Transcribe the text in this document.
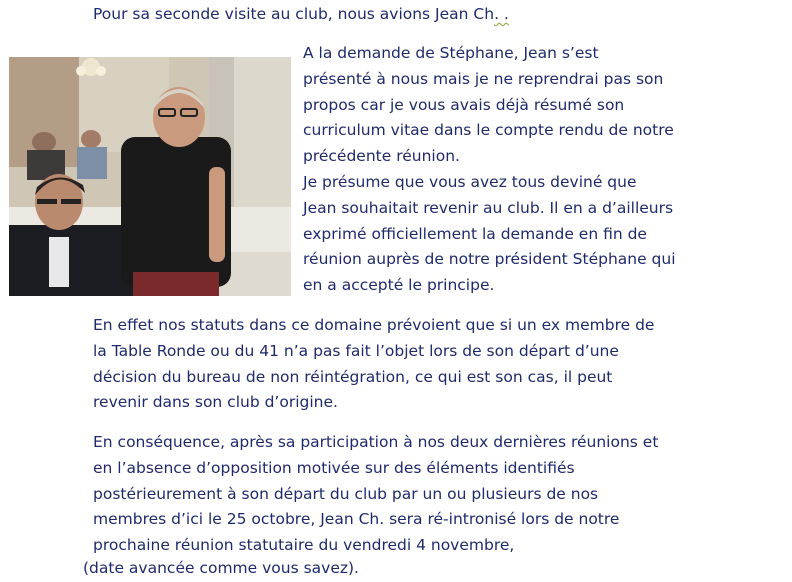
Pour sa seconde visite au club, nous avions Jean Ch. .

A la demande de Stéphane, Jean s’est

présenté à nous mais je ne reprendrai pas son

propos car je vous avais déjà résumé son

curriculum vitae dans le compte rendu de notre

précédente réunion.

Je présume que vous avez tous deviné que

Jean souhaitait revenir au club. Il en a d’ailleurs

exprimé officiellement la demande en fin de

réunion auprès de notre président Stéphane qui

en a accepté le principe.

En effet nos statuts dans ce domaine prévoient que si un ex membre de

la Table Ronde ou du 41 n’a pas fait l’objet lors de son départ d’une

décision du bureau de non réintégration, ce qui est son cas, il peut

revenir dans son club d’origine.

En conséquence, après sa participation à nos deux dernières réunions et

en l’absence d’opposition motivée sur des éléments identifiés

postérieurement à son départ du club par un ou plusieurs de nos

membres d’ici le 25 octobre, Jean Ch. sera ré-intronisé lors de notre

prochaine réunion statutaire du vendredi 4 novembre,

(date avancée comme vous savez).
